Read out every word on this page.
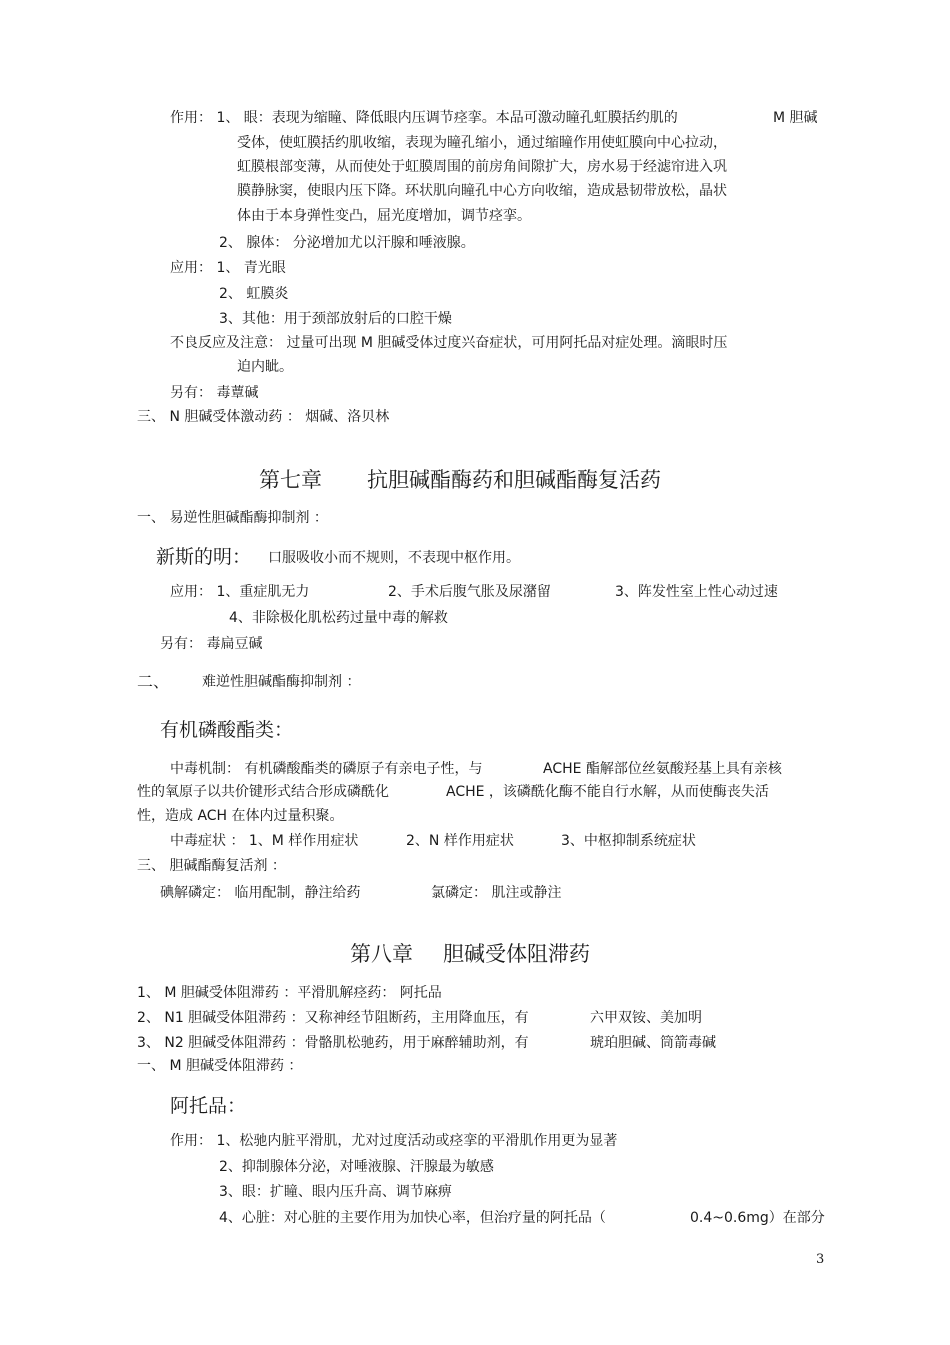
作用： 1、 眼：表现为缩瞳、降低眼内压调节痉挛。本品可激动瞳孔虹膜括约肌的	M 胆碱
受体，使虹膜括约肌收缩，表现为瞳孔缩小，通过缩瞳作用使虹膜向中心拉动，
虹膜根部变薄，从而使处于虹膜周围的前房角间隙扩大，房水易于经滤帘进入巩
膜静脉窦，使眼内压下降。环状肌向瞳孔中心方向收缩，造成悬韧带放松，晶状
体由于本身弹性变凸，屈光度增加，调节痉挛。
2、 腺体： 分泌增加尤以汗腺和唾液腺。
应用： 1、 青光眼
2、 虹膜炎
3、其他：用于颈部放射后的口腔干燥
不良反应及注意： 过量可出现 M 胆碱受体过度兴奋症状，可用阿托品对症处理。滴眼时压
迫内眦。
另有： 毒蕈碱
三、 N 胆碱受体激动药 ： 烟碱、洛贝林
第七章 抗胆碱酯酶药和胆碱酯酶复活药
一、 易逆性胆碱酯酶抑制剂 ：
新斯的明： 口服吸收小而不规则，不表现中枢作用。
应用： 1、重症肌无力	2、手术后腹气胀及尿潴留	3、阵发性室上性心动过速
4、非除极化肌松药过量中毒的解救
另有： 毒扁豆碱
二、 难逆性胆碱酯酶抑制剂 ：
有机磷酸酯类：
中毒机制： 有机磷酸酯类的磷原子有亲电子性，与	ACHE 酯解部位丝氨酸羟基上具有亲核
性的氧原子以共价键形式结合形成磷酰化	ACHE ，该磷酰化酶不能自行水解，从而使酶丧失活
性，造成 ACH 在体内过量积聚。
中毒症状 ： 1、M 样作用症状	2、N 样作用症状	3、中枢抑制系统症状
三、 胆碱酯酶复活剂 ：
碘解磷定： 临用配制，静注给药	氯磷定： 肌注或静注
第八章 胆碱受体阻滞药
1、 M 胆碱受体阻滞药 ：平滑肌解痉药： 阿托品
2、 N1 胆碱受体阻滞药 ：又称神经节阻断药，主用降血压，有	六甲双铵、美加明
3、 N2 胆碱受体阻滞药 ：骨骼肌松驰药，用于麻醉辅助剂，有	琥珀胆碱、筒箭毒碱
一、 M 胆碱受体阻滞药 ：
阿托品：
作用： 1、松驰内脏平滑肌，尤对过度活动或痉挛的平滑肌作用更为显著
2、抑制腺体分泌，对唾液腺、汗腺最为敏感
3、眼：扩瞳、眼内压升高、调节麻痹
4、心脏：对心脏的主要作用为加快心率，但治疗量的阿托品（	0.4~0.6mg）在部分
3
